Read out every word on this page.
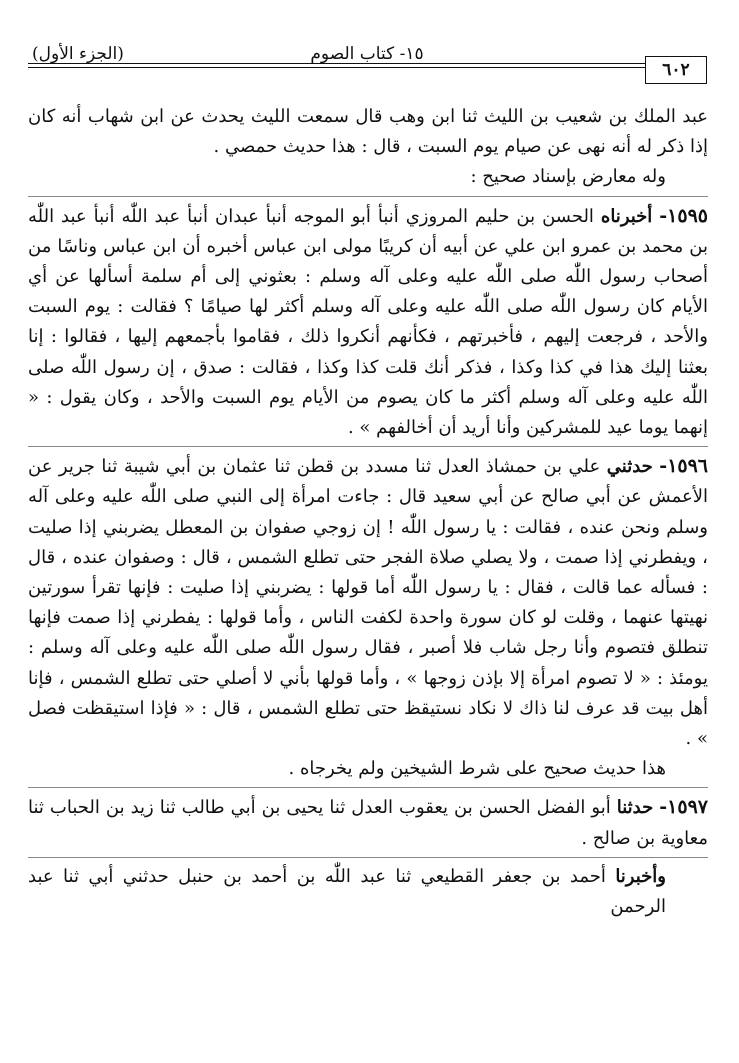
١٥- كتاب الصوم
(الجزء الأول)
٦٠٢

عبد الملك بن شعيب بن الليث ثنا ابن وهب قال سمعت الليث يحدث عن ابن شهاب أنه كان إذا ذكر له أنه نهى عن صيام يوم السبت ، قال : هذا حديث حمصي .

وله معارض بإسناد صحيح :

١٥٩٥- أخبرناه الحسن بن حليم المروزي أنبأ أبو الموجه أنبأ عبدان أنبأ عبد اللّٰه أنبأ عبد اللّٰه بن محمد بن عمرو ابن علي عن أبيه أن كريبًا مولى ابن عباس أخبره أن ابن عباس وناسًا من أصحاب رسول اللّٰه صلى اللّٰه عليه وعلى آله وسلم : بعثوني إلى أم سلمة أسألها عن أي الأيام كان رسول اللّٰه صلى اللّٰه عليه وعلى آله وسلم أكثر لها صيامًا ؟ فقالت : يوم السبت والأحد ، فرجعت إليهم ، فأخبرتهم ، فكأنهم أنكروا ذلك ، فقاموا بأجمعهم إليها ، فقالوا : إنا بعثنا إليك هذا في كذا وكذا ، فذكر أنك قلت كذا وكذا ، فقالت : صدق ، إن رسول اللّٰه صلى اللّٰه عليه وعلى آله وسلم أكثر ما كان يصوم من الأيام يوم السبت والأحد ، وكان يقول : « إنهما يوما عيد للمشركين وأنا أريد أن أخالفهم » .

١٥٩٦- حدثني علي بن حمشاذ العدل ثنا مسدد بن قطن ثنا عثمان بن أبي شيبة ثنا جرير عن الأعمش عن أبي صالح عن أبي سعيد قال : جاءت امرأة إلى النبي صلى اللّٰه عليه وعلى آله وسلم ونحن عنده ، فقالت : يا رسول اللّٰه ! إن زوجي صفوان بن المعطل يضربني إذا صليت ، ويفطرني إذا صمت ، ولا يصلي صلاة الفجر حتى تطلع الشمس ، قال : وصفوان عنده ، قال : فسأله عما قالت ، فقال : يا رسول اللّٰه أما قولها : يضربني إذا صليت : فإنها تقرأ سورتين نهيتها عنهما ، وقلت لو كان سورة واحدة لكفت الناس ، وأما قولها : يفطرني إذا صمت فإنها تنطلق فتصوم وأنا رجل شاب فلا أصبر ، فقال رسول اللّٰه صلى اللّٰه عليه وعلى آله وسلم : يومئذ : « لا تصوم امرأة إلا بإذن زوجها » ، وأما قولها بأني لا أصلي حتى تطلع الشمس ، فإنا أهل بيت قد عرف لنا ذاك لا نكاد نستيقظ حتى تطلع الشمس ، قال : « فإذا استيقظت فصل » .

هذا حديث صحيح على شرط الشيخين ولم يخرجاه .

١٥٩٧- حدثنا أبو الفضل الحسن بن يعقوب العدل ثنا يحيى بن أبي طالب ثنا زيد بن الحباب ثنا معاوية بن صالح .

وأخبرنا أحمد بن جعفر القطيعي ثنا عبد اللّٰه بن أحمد بن حنبل حدثني أبي ثنا عبد الرحمن
